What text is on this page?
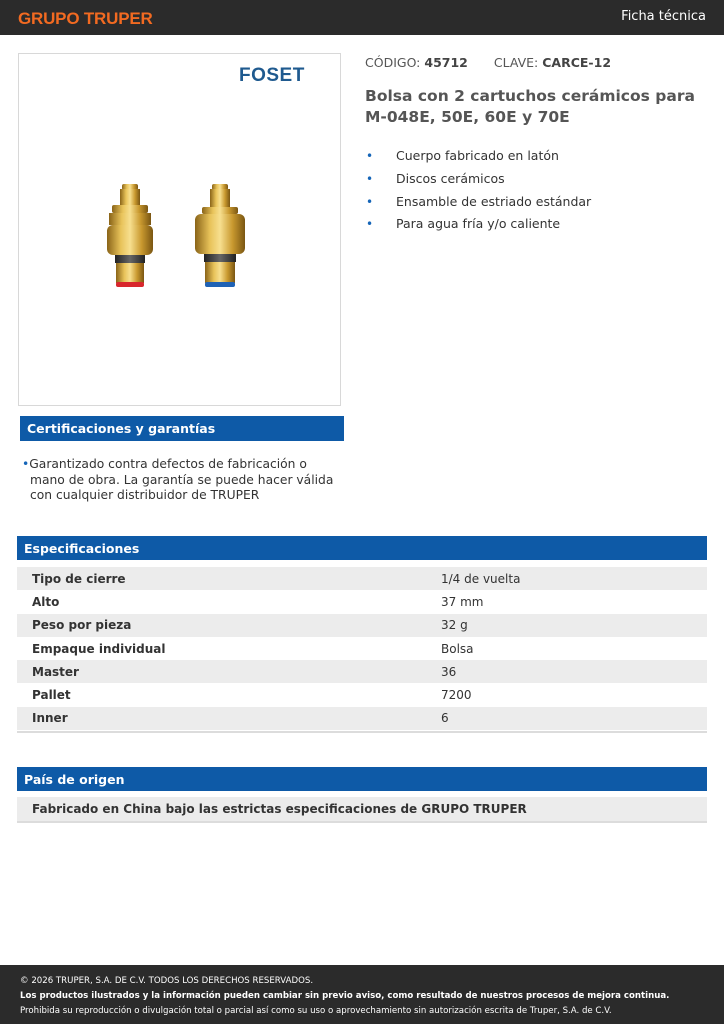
GRUPO TRUPER	Ficha técnica
FOSET
CÓDIGO: 45712 CLAVE: CARCE-12
Bolsa con 2 cartuchos cerámicos para M-048E, 50E, 60E y 70E
• Cuerpo fabricado en latón
• Discos cerámicos
• Ensamble de estriado estándar
• Para agua fría y/o caliente
Certificaciones y garantías

•Garantizado contra defectos de fabricación o mano de obra. La garantía se puede hacer válida con cualquier distribuidor de TRUPER

Especificaciones
Tipo de cierre	1/4 de vuelta
Alto	37 mm
Peso por pieza	32 g
Empaque individual	Bolsa
Master	36
Pallet	7200
Inner	6
País de origen
Fabricado en China bajo las estrictas especificaciones de GRUPO TRUPER

© 2026 TRUPER, S.A. DE C.V. TODOS LOS DERECHOS RESERVADOS.

Los productos ilustrados y la información pueden cambiar sin previo aviso, como resultado de nuestros procesos de mejora continua.

Prohibida su reproducción o divulgación total o parcial así como su uso o aprovechamiento sin autorización escrita de Truper, S.A. de C.V.
